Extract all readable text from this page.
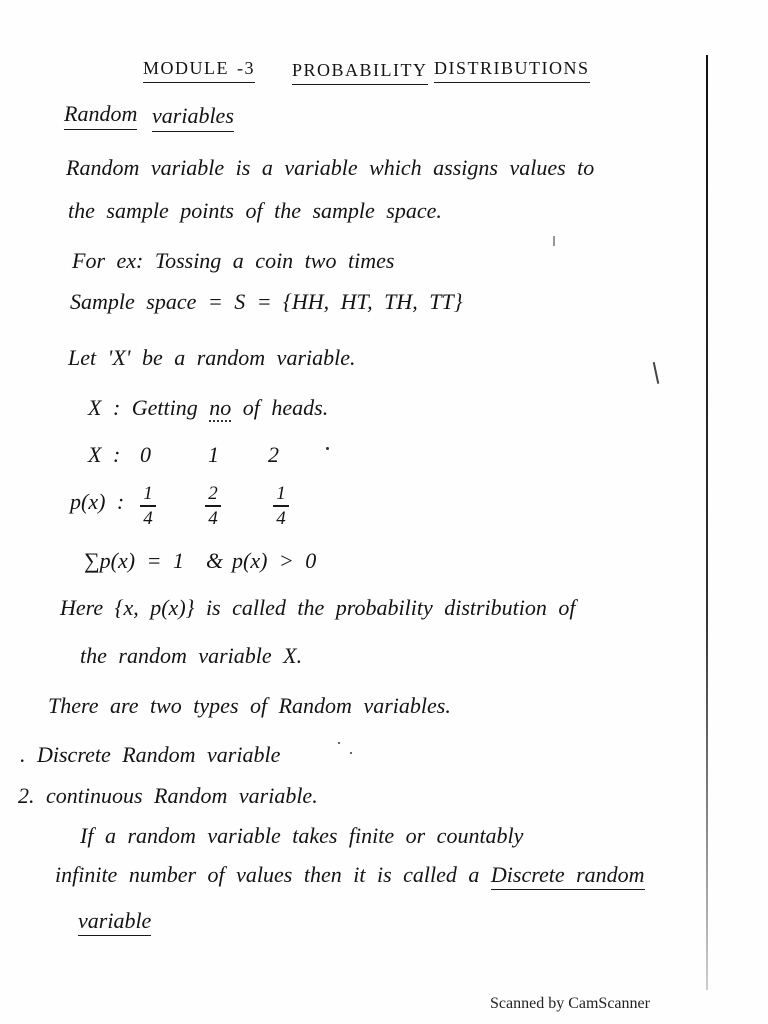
MODULE -3 PROBABILITY DISTRIBUTIONS
Random variables
Random variable is a variable which assigns values to
the sample points of the sample space.
For ex: Tossing a coin two times
Sample space = S = {HH, HT, TH, TT}
Let 'X' be a random variable.
X : Getting no of heads.
X : 0	1 2
p(x) : 1
4
2
4
1
4
∑p(x) = 1 & p(x) > 0
Here {x, p(x)} is called the probability distribution of
the random variable X.
There are two types of Random variables.
. Discrete Random variable
2. continuous Random variable.
If a random variable takes finite or countably
infinite number of values then it is called a Discrete random
variable
Scanned by CamScanner
